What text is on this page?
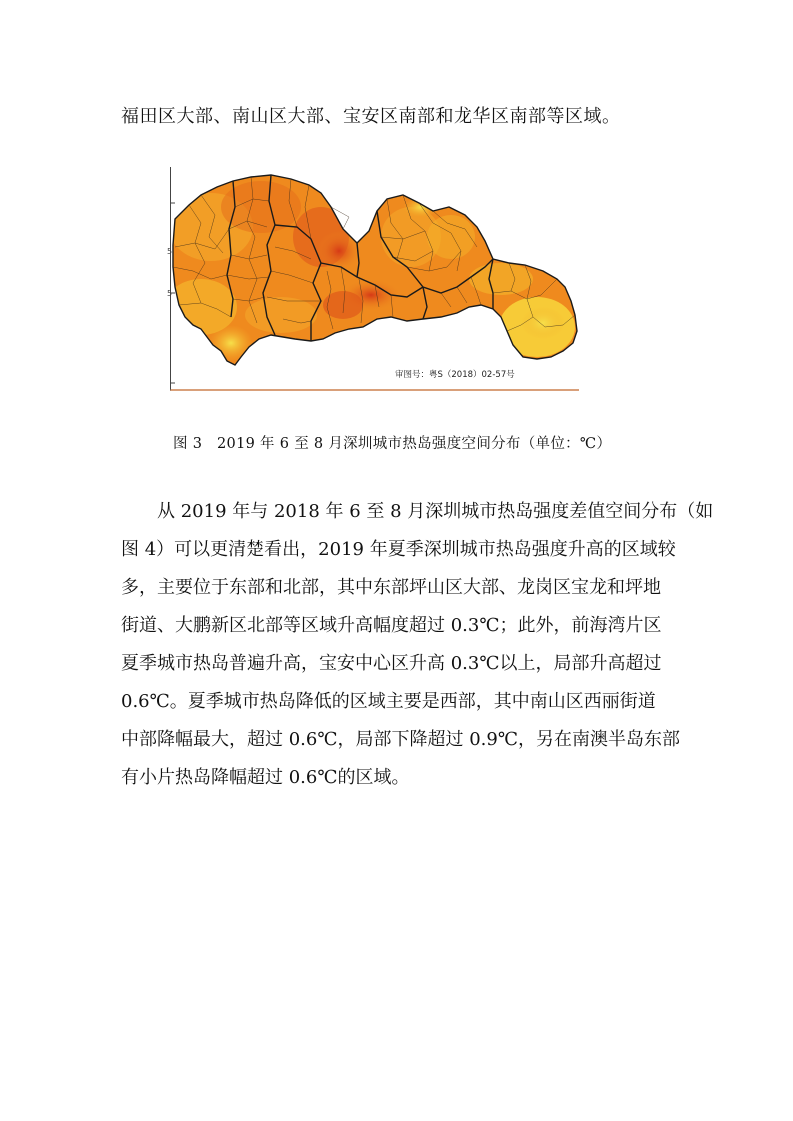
福田区大部、南山区大部、宝安区南部和龙华区南部等区域。
5
5
审图号：粤S（2018）02-57号
图 3　2019 年 6 至 8 月深圳城市热岛强度空间分布（单位：℃）
从 2019 年与 2018 年 6 至 8 月深圳城市热岛强度差值空间分布（如
图 4）可以更清楚看出，2019 年夏季深圳城市热岛强度升高的区域较
多，主要位于东部和北部，其中东部坪山区大部、龙岗区宝龙和坪地
街道、大鹏新区北部等区域升高幅度超过 0.3℃；此外，前海湾片区
夏季城市热岛普遍升高，宝安中心区升高 0.3℃以上，局部升高超过
0.6℃。夏季城市热岛降低的区域主要是西部，其中南山区西丽街道
中部降幅最大，超过 0.6℃，局部下降超过 0.9℃，另在南澳半岛东部
有小片热岛降幅超过 0.6℃的区域。
